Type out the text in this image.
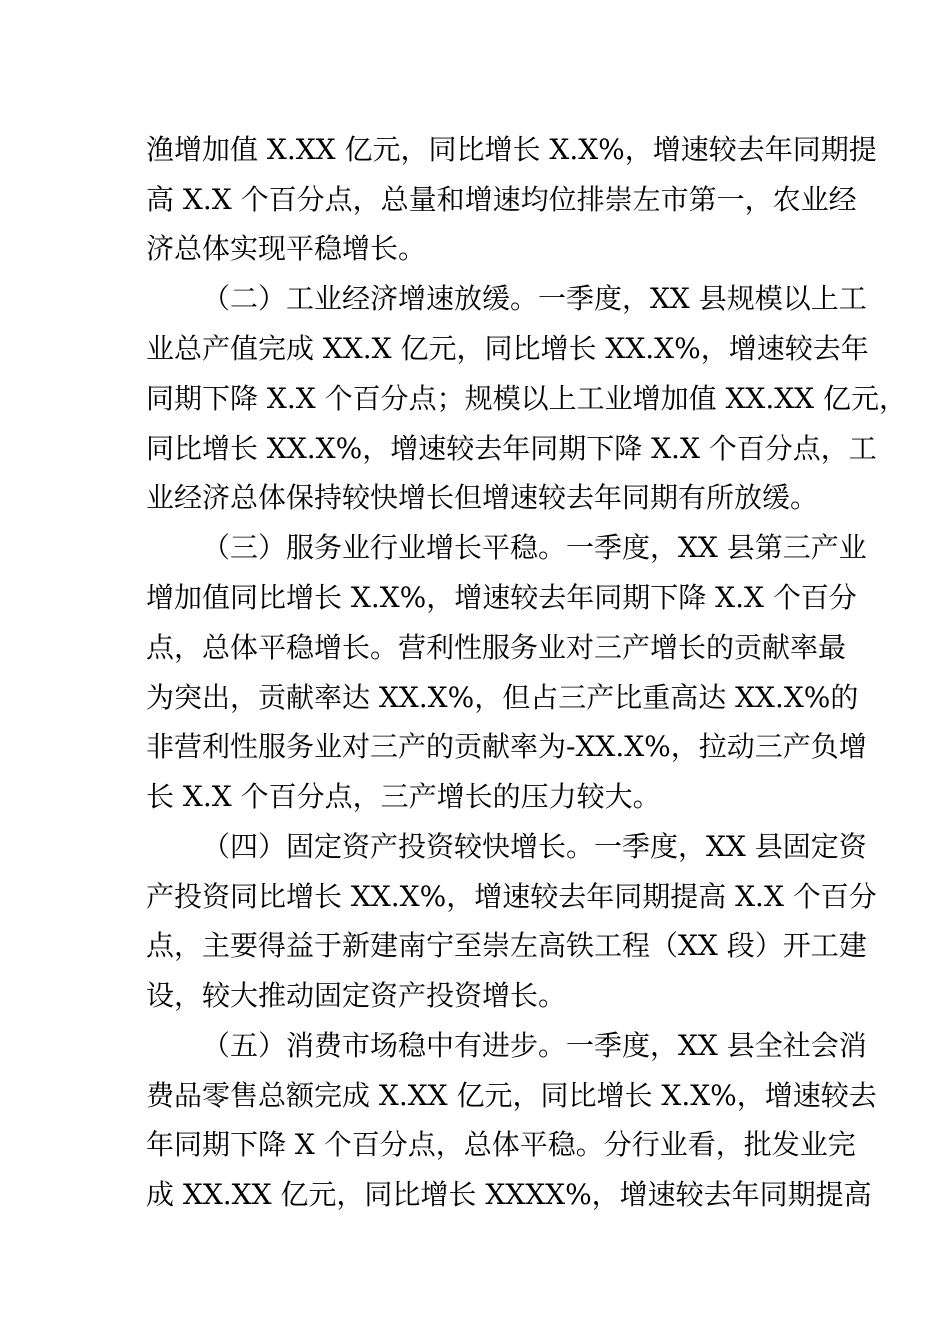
渔增加值 X.XX 亿元，同比增长 X.X%，增速较去年同期提
高 X.X 个百分点，总量和增速均位排崇左市第一，农业经
济总体实现平稳增长。
（二）工业经济增速放缓。一季度，XX 县规模以上工
业总产值完成 XX.X 亿元，同比增长 XX.X%，增速较去年
同期下降 X.X 个百分点；规模以上工业增加值 XX.XX 亿元，
同比增长 XX.X%，增速较去年同期下降 X.X 个百分点，工
业经济总体保持较快增长但增速较去年同期有所放缓。
（三）服务业行业增长平稳。一季度，XX 县第三产业
增加值同比增长 X.X%，增速较去年同期下降 X.X 个百分
点，总体平稳增长。营利性服务业对三产增长的贡献率最
为突出，贡献率达 XX.X%，但占三产比重高达 XX.X%的
非营利性服务业对三产的贡献率为-XX.X%，拉动三产负增
长 X.X 个百分点，三产增长的压力较大。
（四）固定资产投资较快增长。一季度，XX 县固定资
产投资同比增长 XX.X%，增速较去年同期提高 X.X 个百分
点，主要得益于新建南宁至崇左高铁工程（XX 段）开工建
设，较大推动固定资产投资增长。
（五）消费市场稳中有进步。一季度，XX 县全社会消
费品零售总额完成 X.XX 亿元，同比增长 X.X%，增速较去
年同期下降 X 个百分点，总体平稳。分行业看，批发业完
成 XX.XX 亿元，同比增长 XXXX%，增速较去年同期提高
